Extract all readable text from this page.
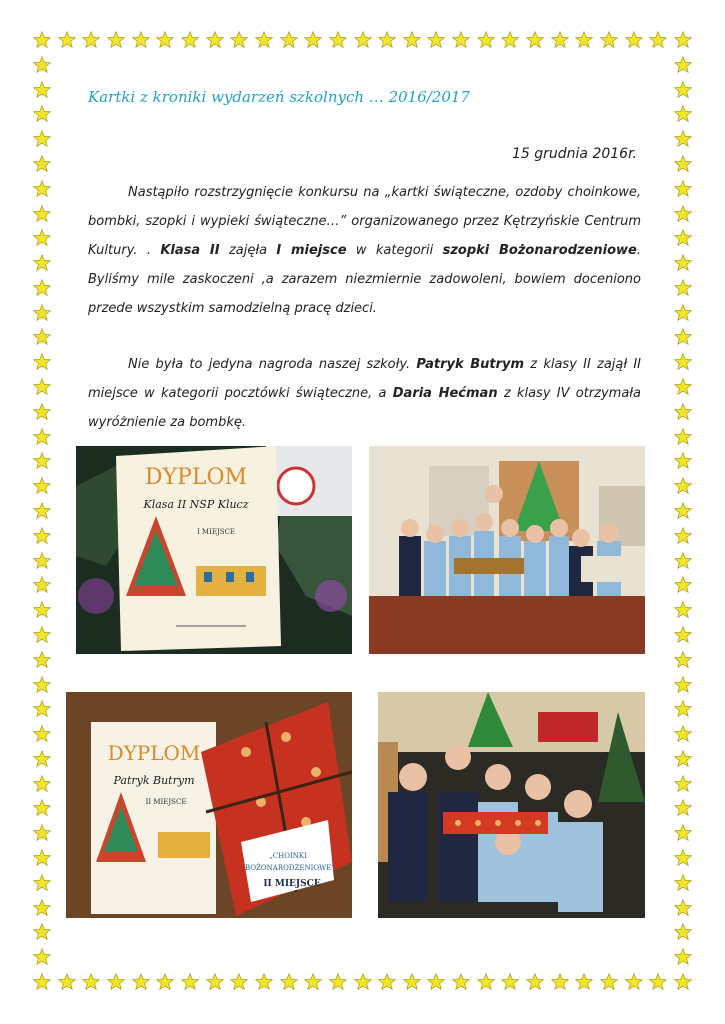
Kartki z kroniki wydarzeń szkolnych … 2016/2017
15 grudnia 2016r.
Nastąpiło rozstrzygnięcie konkursu na „kartki świąteczne, ozdoby choinkowe, bombki, szopki i wypieki świąteczne…” organizowanego przez Kętrzyńskie Centrum Kultury. . Klasa II zajęła I miejsce w kategorii szopki Bożonarodzeniowe. Byliśmy mile zaskoczeni ,a zarazem niezmiernie zadowoleni, bowiem doceniono przede wszystkim samodzielną pracę dzieci.
Nie była to jedyna nagroda naszej szkoły. Patryk Butrym z klasy II zajął II miejsce w kategorii pocztówki świąteczne, a Daria Hećman z klasy IV otrzymała wyróżnienie za bombkę.
DYPLOM
Klasa II NSP Klucz
I MIEJSCE
DYPLOM
Patryk Butrym
II MIEJSCE
„CHOINKI
BOŻONARODZENIOWE”
II MIEJSCE
